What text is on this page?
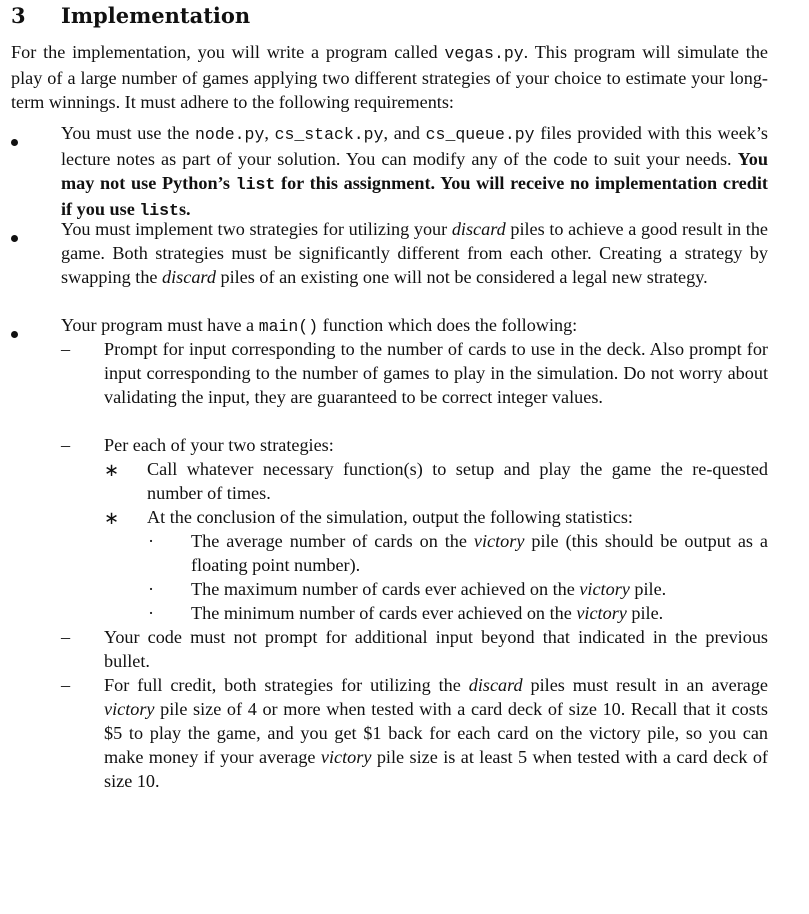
3 Implementation
For the implementation, you will write a program called vegas.py. This program will simulate the play of a large number of games applying two different strategies of your choice to estimate your long-term winnings. It must adhere to the following requirements:
You must use the node.py, cs_stack.py, and cs_queue.py files provided with this week’s lecture notes as part of your solution. You can modify any of the code to suit your needs. You may not use Python’s list for this assignment. You will receive no implementation credit if you use lists.
You must implement two strategies for utilizing your discard piles to achieve a good result in the game. Both strategies must be significantly different from each other. Creating a strategy by swapping the discard piles of an existing one will not be considered a legal new strategy.
Your program must have a main() function which does the following:
– Prompt for input corresponding to the number of cards to use in the deck. Also prompt for input corresponding to the number of games to play in the simulation. Do not worry about validating the input, they are guaranteed to be correct integer values.
– Per each of your two strategies:
∗ Call whatever necessary function(s) to setup and play the game the re-quested number of times.
∗ At the conclusion of the simulation, output the following statistics:
· The average number of cards on the victory pile (this should be output as a floating point number).
· The maximum number of cards ever achieved on the victory pile.
· The minimum number of cards ever achieved on the victory pile.
– Your code must not prompt for additional input beyond that indicated in the previous bullet.
– For full credit, both strategies for utilizing the discard piles must result in an average victory pile size of 4 or more when tested with a card deck of size 10. Recall that it costs $5 to play the game, and you get $1 back for each card on the victory pile, so you can make money if your average victory pile size is at least 5 when tested with a card deck of size 10.
